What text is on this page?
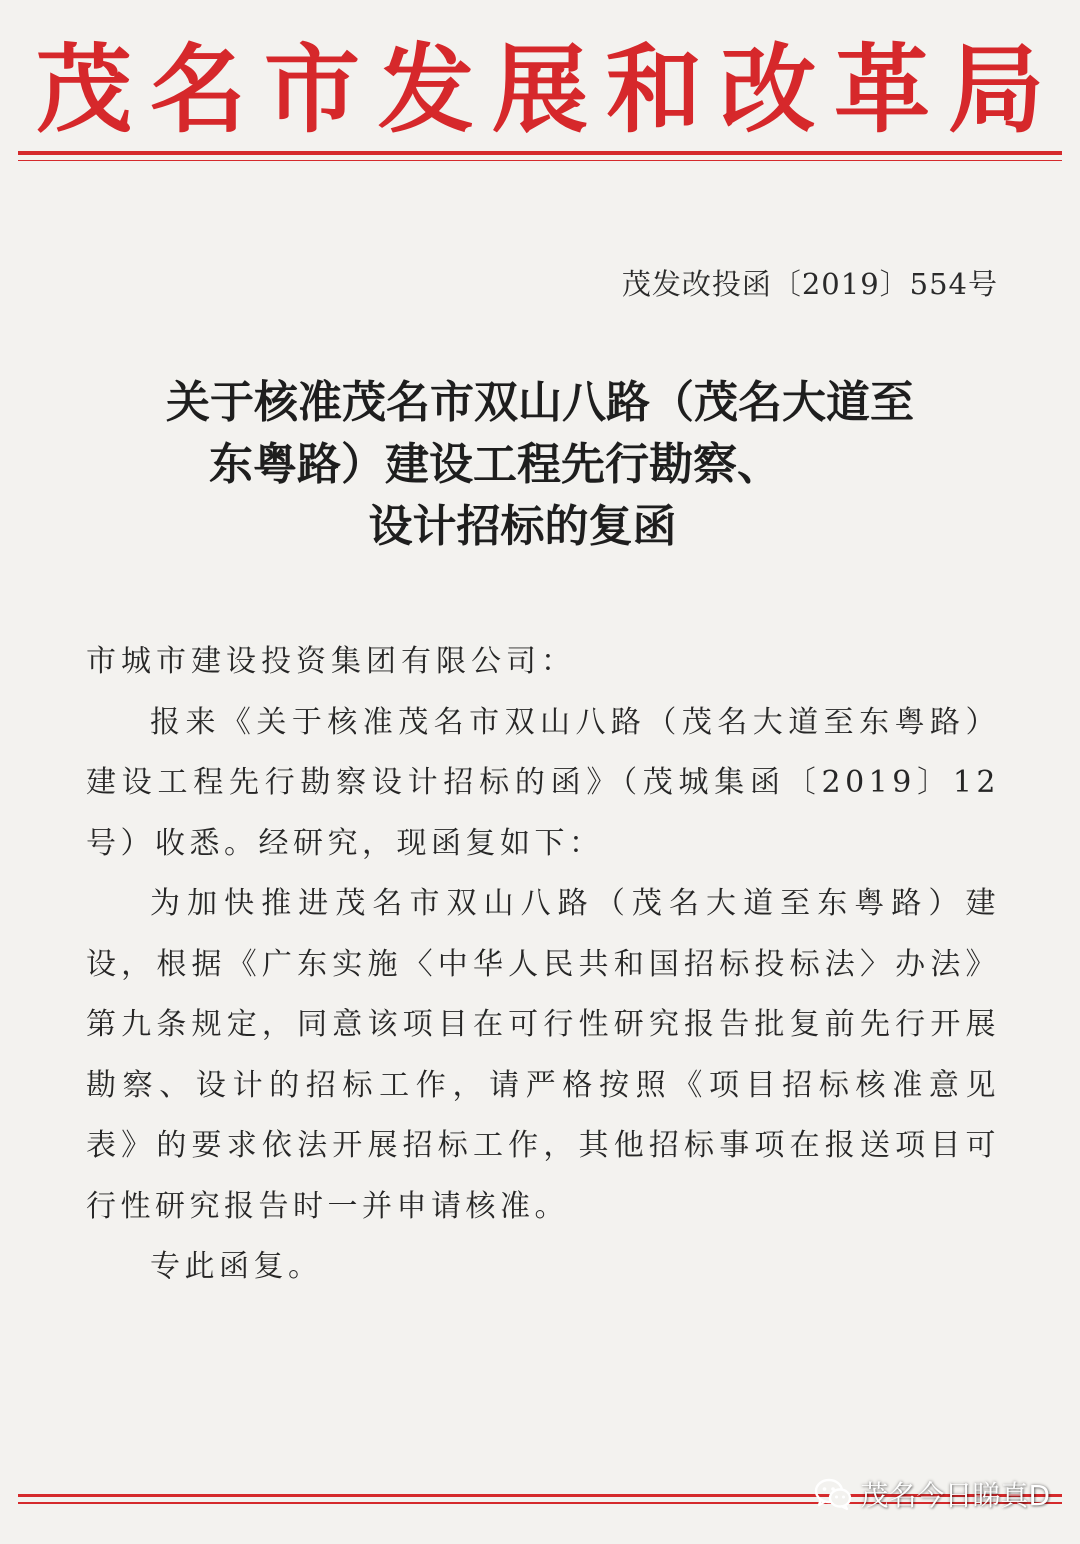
茂 名 市 发 展 和 改 革 局
茂发改投函〔2019〕554号
关于核准茂名市双山八路（茂名大道至
东粤路）建设工程先行勘察、
设计招标的复函

市城市建设投资集团有限公司：

报来《关于核准茂名市双山八路（茂名大道至东粤路）建设工程先行勘察设计招标的函》（茂城集函〔2019〕12号）收悉。经研究，现函复如下：

为加快推进茂名市双山八路（茂名大道至东粤路）建设，根据《广东实施〈中华人民共和国招标投标法〉办法》第九条规定，同意该项目在可行性研究报告批复前先行开展勘察、设计的招标工作，请严格按照《项目招标核准意见表》的要求依法开展招标工作，其他招标事项在报送项目可行性研究报告时一并申请核准。

专此函复。

茂名今日睇真D
